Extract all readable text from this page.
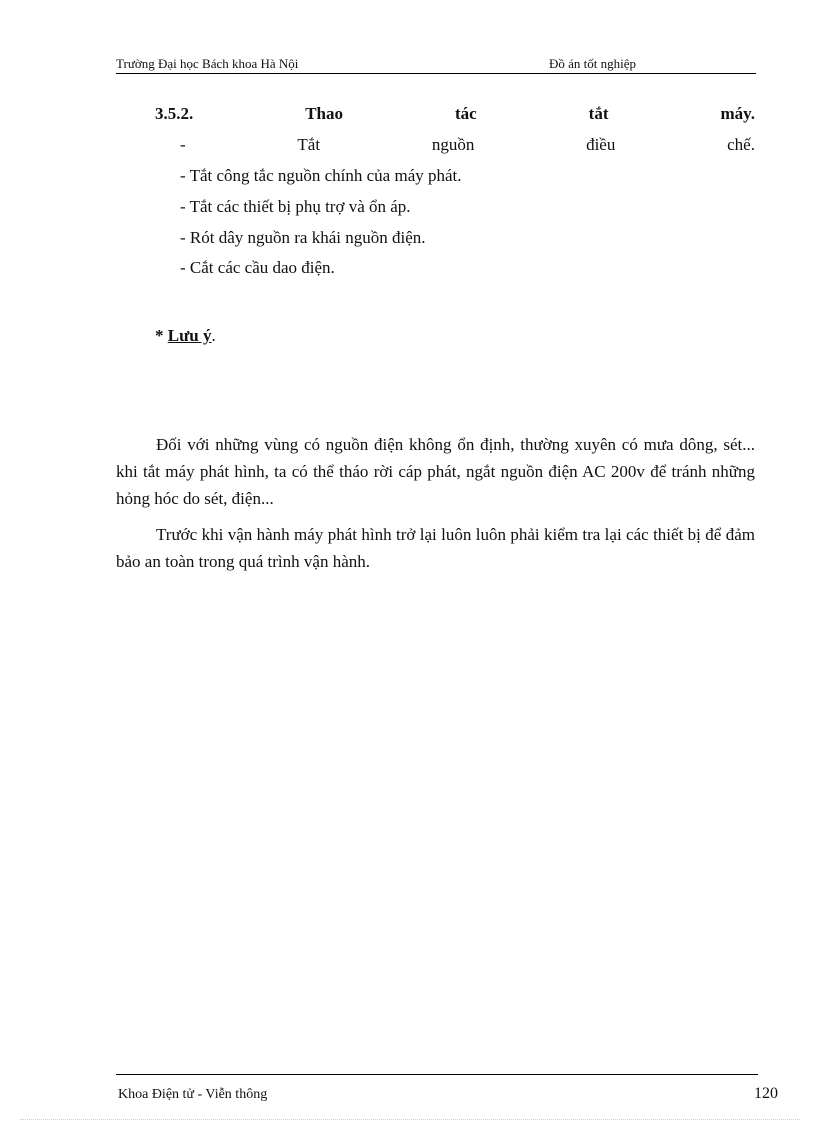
Trường Đại học Bách khoa Hà Nội	Đồ án tốt nghiệp
3.5.2.	Thao	tác	tắt	máy.
-	Tắt	nguồn	điều	chế.
- Tắt công tắc nguồn chính của máy phát.
- Tắt các thiết bị phụ trợ và ổn áp.
- Rót dây nguồn ra khái nguồn điện.
- Cắt các cầu dao điện.
* Lưu ý.

Đối với những vùng có nguồn điện không ổn định, thường xuyên có mưa dông, sét... khi tắt máy phát hình, ta có thể tháo rời cáp phát, ngắt nguồn điện AC 200v để tránh những hỏng hóc do sét, điện...

Trước khi vận hành máy phát hình trở lại luôn luôn phải kiểm tra lại các thiết bị để đảm bảo an toàn trong quá trình vận hành.

Khoa Điện tử - Viễn thông	120
